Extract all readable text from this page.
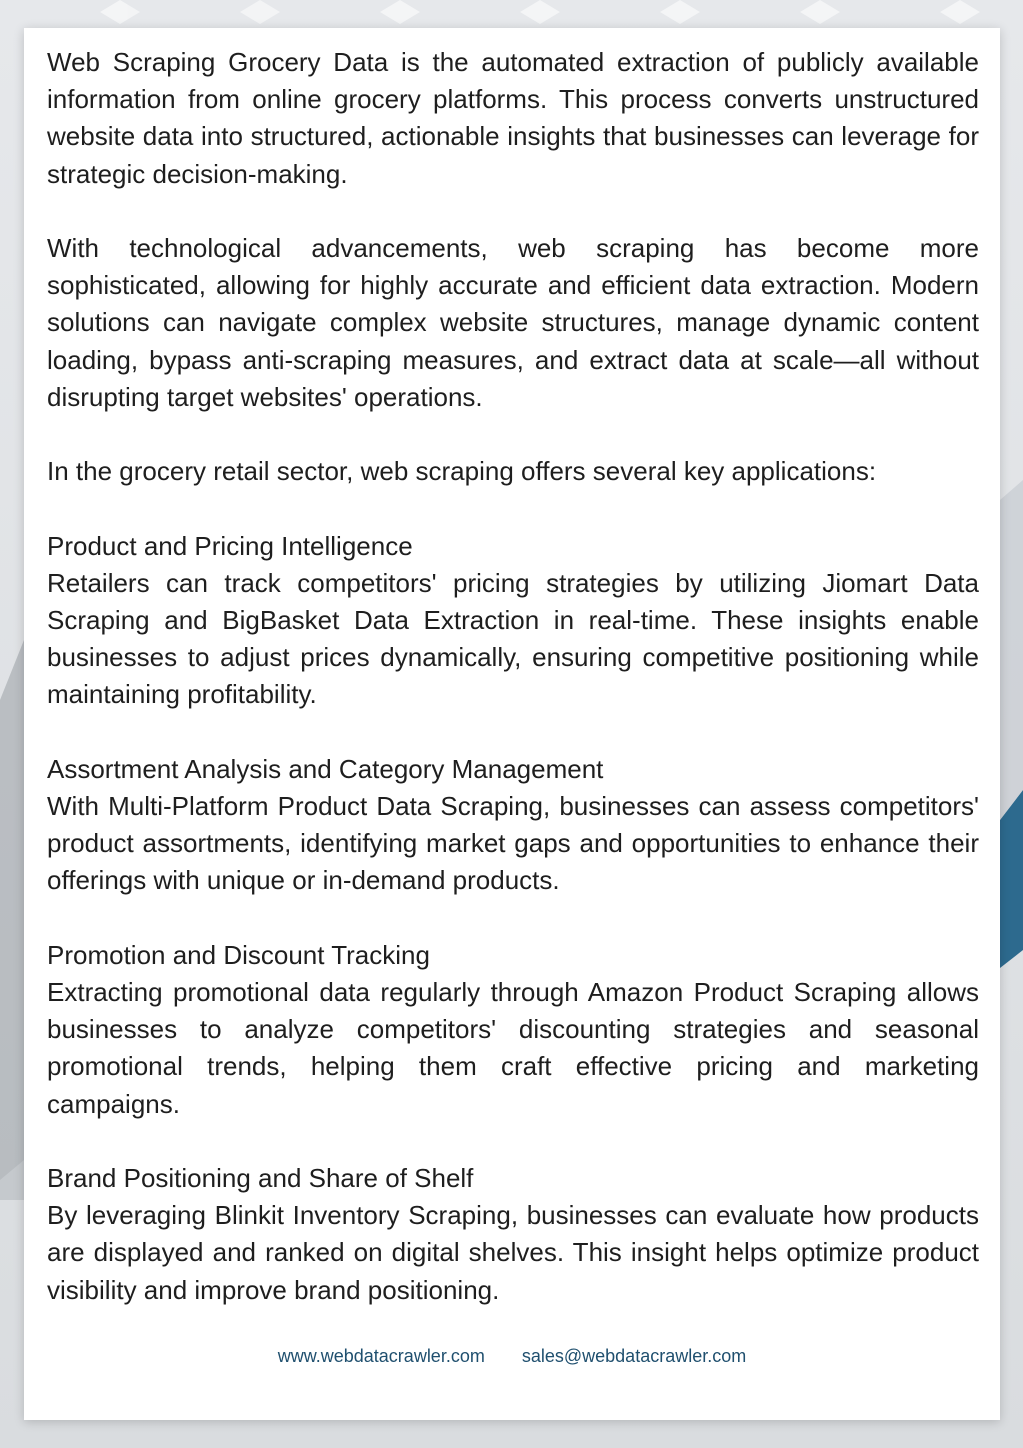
Web Scraping Grocery Data is the automated extraction of publicly available information from online grocery platforms. This process converts unstructured website data into structured, actionable insights that businesses can leverage for strategic decision-making.

With technological advancements, web scraping has become more sophisticated, allowing for highly accurate and efficient data extraction. Modern solutions can navigate complex website structures, manage dynamic content loading, bypass anti-scraping measures, and extract data at scale—all without disrupting target websites' operations.

In the grocery retail sector, web scraping offers several key applications:

Product and Pricing Intelligence

Retailers can track competitors' pricing strategies by utilizing Jiomart Data Scraping and BigBasket Data Extraction in real-time. These insights enable businesses to adjust prices dynamically, ensuring competitive positioning while maintaining profitability.

Assortment Analysis and Category Management

With Multi-Platform Product Data Scraping, businesses can assess competitors' product assortments, identifying market gaps and opportunities to enhance their offerings with unique or in-demand products.

Promotion and Discount Tracking

Extracting promotional data regularly through Amazon Product Scraping allows businesses to analyze competitors' discounting strategies and seasonal promotional trends, helping them craft effective pricing and marketing campaigns.

Brand Positioning and Share of Shelf

By leveraging Blinkit Inventory Scraping, businesses can evaluate how products are displayed and ranked on digital shelves. This insight helps optimize product visibility and improve brand positioning.

www.webdatacrawler.com sales@webdatacrawler.com
